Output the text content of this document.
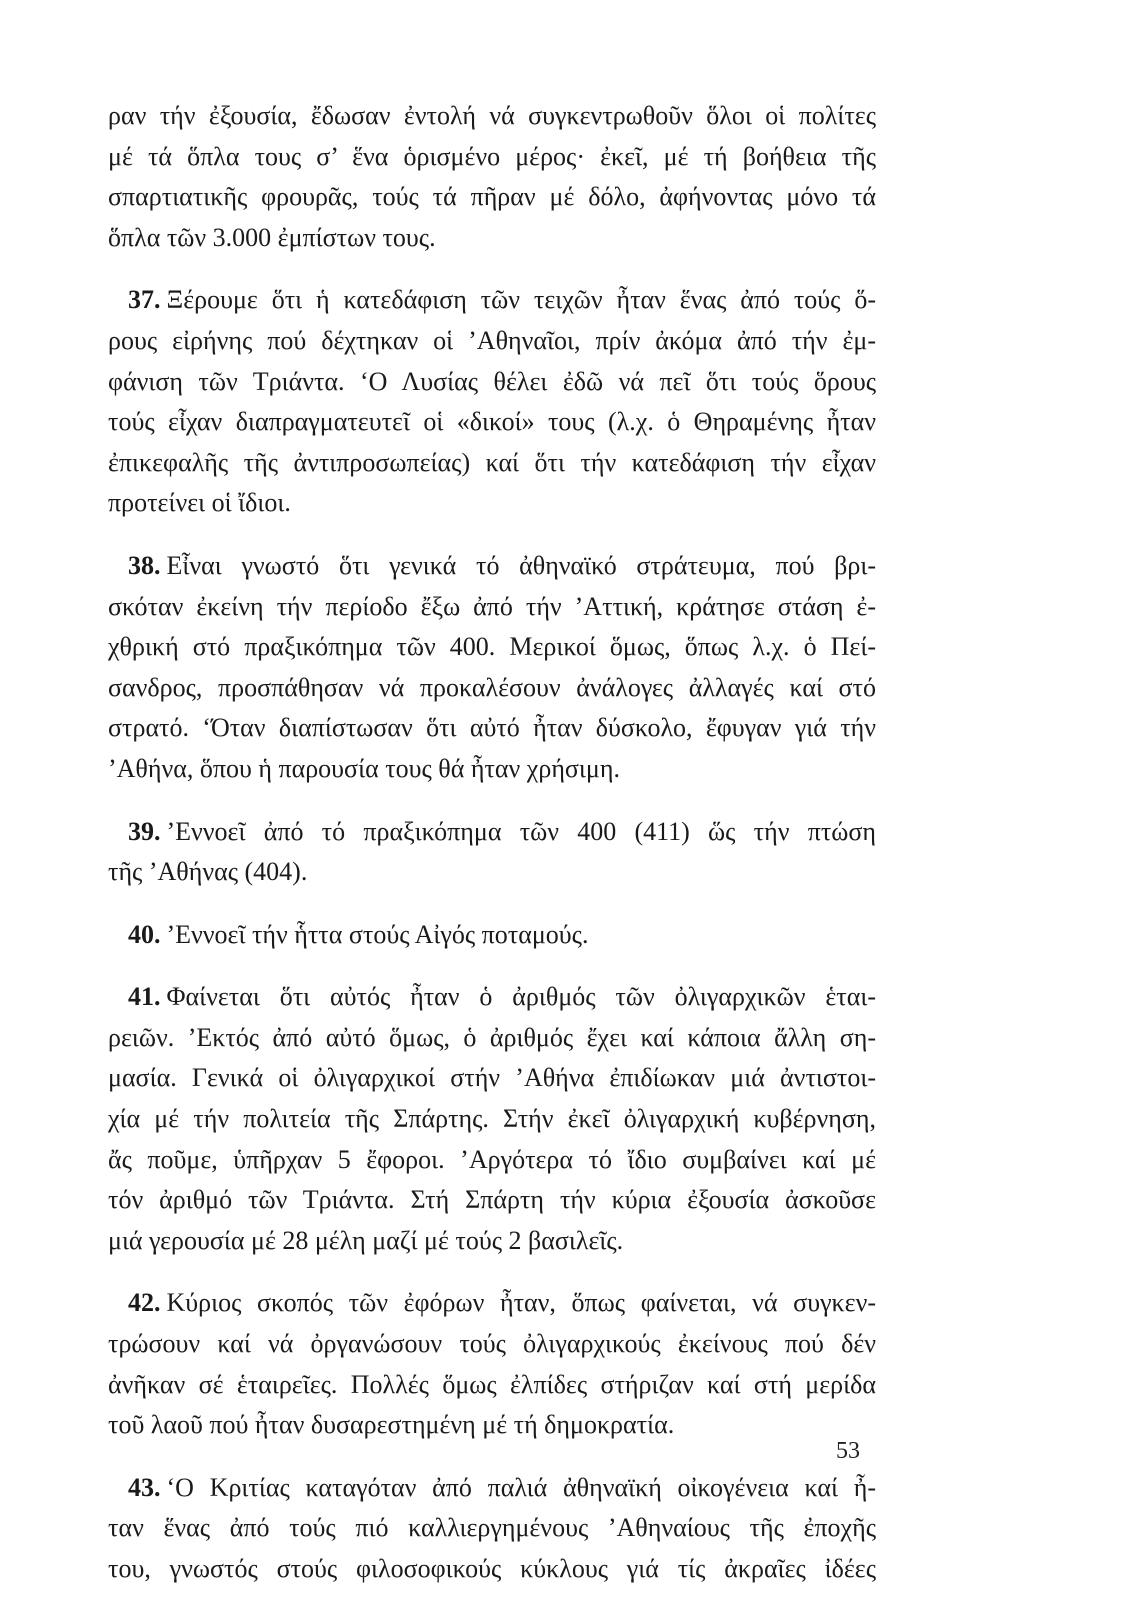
ραν τήν ἐξουσία, ἔδωσαν ἐντολή νά συγκεντρωθοῦν ὅλοι οἱ πολίτες
μέ τά ὅπλα τους σ’ ἕνα ὁρισμένο μέρος· ἐκεῖ, μέ τή βοήθεια τῆς
σπαρτιατικῆς φρουρᾶς, τούς τά πῆραν μέ δόλο, ἀφήνοντας μόνο τά
ὅπλα τῶν 3.000 ἐμπίστων τους.
37. Ξέρουμε ὅτι ἡ κατεδάφιση τῶν τειχῶν ἦταν ἕνας ἀπό τούς ὅ-
ρους εἰρήνης πού δέχτηκαν οἱ ’Αθηναῖοι, πρίν ἀκόμα ἀπό τήν ἐμ-
φάνιση τῶν Τριάντα. ‘Ο Λυσίας θέλει ἐδῶ νά πεῖ ὅτι τούς ὅρους
τούς εἶχαν διαπραγματευτεῖ οἱ «δικοί» τους (λ.χ. ὁ Θηραμένης ἦταν
ἐπικεφαλῆς τῆς ἀντιπροσωπείας) καί ὅτι τήν κατεδάφιση τήν εἶχαν
προτείνει οἱ ἴδιοι.
38. Εἶναι γνωστό ὅτι γενικά τό ἀθηναϊκό στράτευμα, πού βρι-
σκόταν ἐκείνη τήν περίοδο ἔξω ἀπό τήν ’Αττική, κράτησε στάση ἐ-
χθρική στό πραξικόπημα τῶν 400. Μερικοί ὅμως, ὅπως λ.χ. ὁ Πεί-
σανδρος, προσπάθησαν νά προκαλέσουν ἀνάλογες ἀλλαγές καί στό
στρατό. ‘Όταν διαπίστωσαν ὅτι αὐτό ἦταν δύσκολο, ἔφυγαν γιά τήν
’Αθήνα, ὅπου ἡ παρουσία τους θά ἦταν χρήσιμη.
39. ’Εννοεῖ ἀπό τό πραξικόπημα τῶν 400 (411) ὥς τήν πτώση
τῆς ’Αθήνας (404).
40. ’Εννοεῖ τήν ἧττα στούς Αἰγός ποταμούς.
41. Φαίνεται ὅτι αὐτός ἦταν ὁ ἀριθμός τῶν ὀλιγαρχικῶν ἑται-
ρειῶν. ’Εκτός ἀπό αὐτό ὅμως, ὁ ἀριθμός ἔχει καί κάποια ἄλλη ση-
μασία. Γενικά οἱ ὀλιγαρχικοί στήν ’Αθήνα ἐπιδίωκαν μιά ἀντιστοι-
χία μέ τήν πολιτεία τῆς Σπάρτης. Στήν ἐκεῖ ὀλιγαρχική κυβέρνηση,
ἄς ποῦμε, ὑπῆρχαν 5 ἔφοροι. ’Αργότερα τό ἴδιο συμβαίνει καί μέ
τόν ἀριθμό τῶν Τριάντα. Στή Σπάρτη τήν κύρια ἐξουσία ἀσκοῦσε
μιά γερουσία μέ 28 μέλη μαζί μέ τούς 2 βασιλεῖς.
42. Κύριος σκοπός τῶν ἐφόρων ἦταν, ὅπως φαίνεται, νά συγκεν-
τρώσουν καί νά ὀργανώσουν τούς ὀλιγαρχικούς ἐκείνους πού δέν
ἀνῆκαν σέ ἑταιρεῖες. Πολλές ὅμως ἐλπίδες στήριζαν καί στή μερίδα
τοῦ λαοῦ πού ἦταν δυσαρεστημένη μέ τή δημοκρατία.
43. ‘Ο Κριτίας καταγόταν ἀπό παλιά ἀθηναϊκή οἰκογένεια καί ἦ-
ταν ἕνας ἀπό τούς πιό καλλιεργημένους ’Αθηναίους τῆς ἐποχῆς
του, γνωστός στούς φιλοσοφικούς κύκλους γιά τίς ἀκραῖες ἰδέες
53
